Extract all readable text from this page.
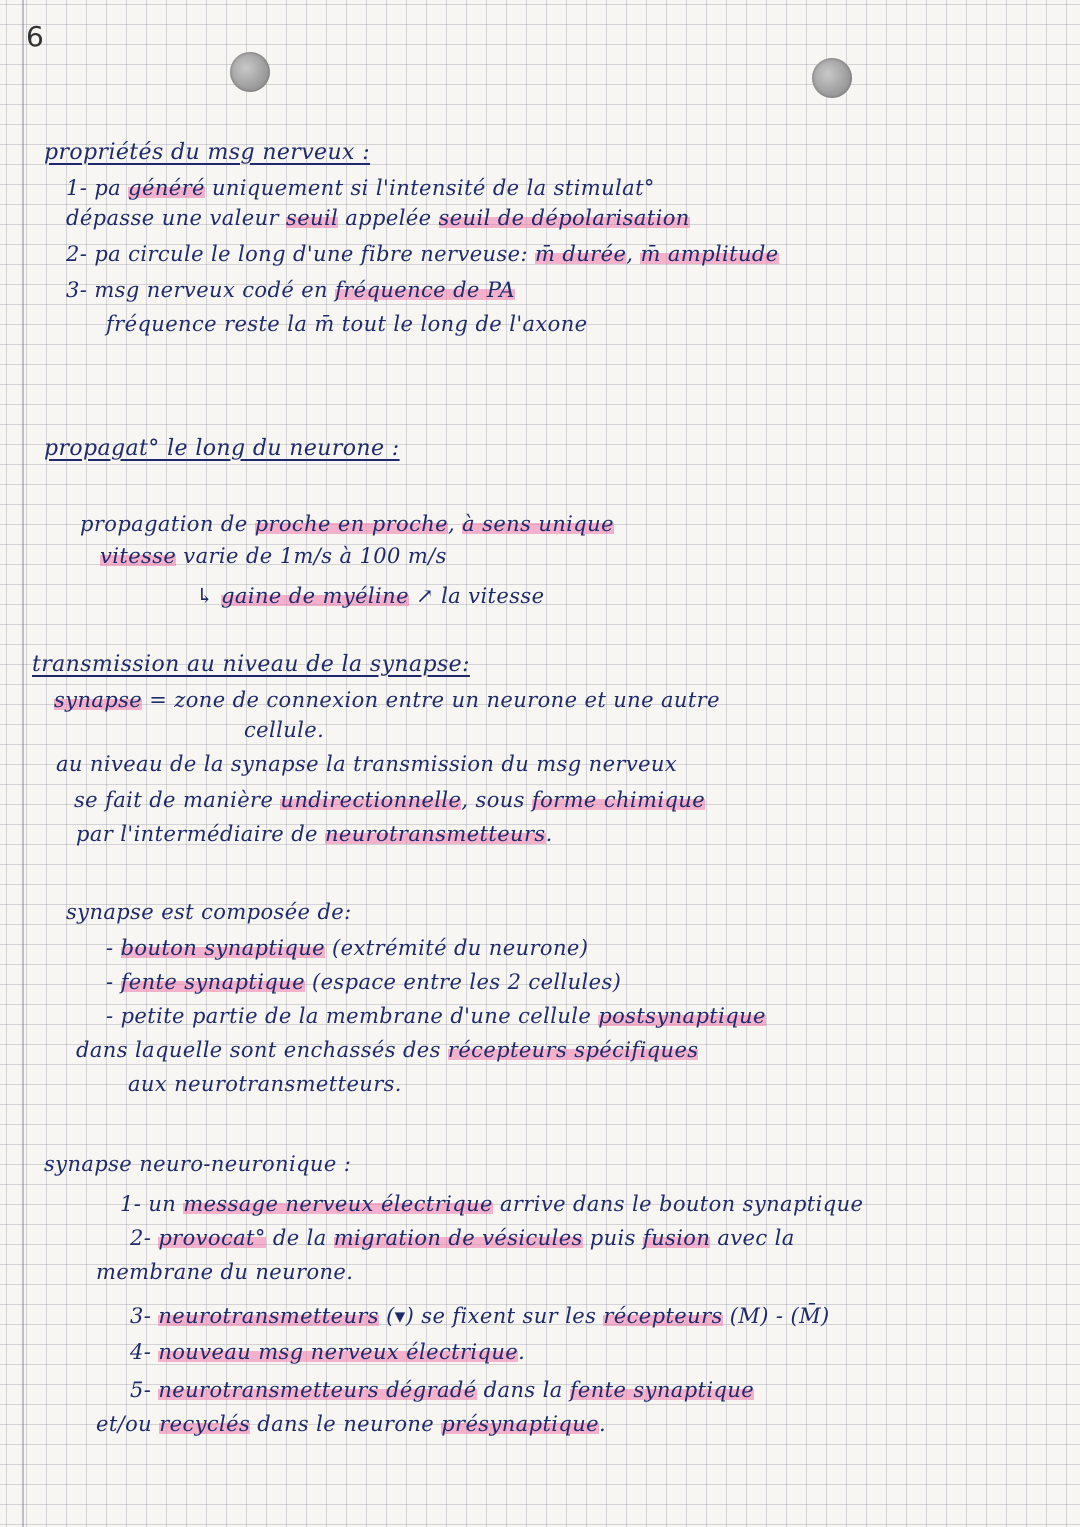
6
propriétés du msg nerveux :
1- pa généré uniquement si l'intensité de la stimulat°
dépasse une valeur seuil appelée seuil de dépolarisation
2- pa circule le long d'une fibre nerveuse: m̄ durée, m̄ amplitude
3- msg nerveux codé en fréquence de PA
fréquence reste la m̄ tout le long de l'axone
propagat° le long du neurone :
propagation de proche en proche, à sens unique
vitesse varie de 1m/s à 100 m/s
↳ gaine de myéline ↗ la vitesse
transmission au niveau de la synapse:
synapse = zone de connexion entre un neurone et une autre
cellule.
au niveau de la synapse la transmission du msg nerveux
se fait de manière undirectionnelle, sous forme chimique
par l'intermédiaire de neurotransmetteurs.
synapse est composée de:
- bouton synaptique (extrémité du neurone)
- fente synaptique (espace entre les 2 cellules)
- petite partie de la membrane d'une cellule postsynaptique
dans laquelle sont enchassés des récepteurs spécifiques
aux neurotransmetteurs.
synapse neuro-neuronique :
1- un message nerveux électrique arrive dans le bouton synaptique
2- provocat° de la migration de vésicules puis fusion avec la
membrane du neurone.
3- neurotransmetteurs (▾) se fixent sur les récepteurs (M) - (M̄)
4- nouveau msg nerveux électrique.
5- neurotransmetteurs dégradé dans la fente synaptique
et/ou recyclés dans le neurone présynaptique.
